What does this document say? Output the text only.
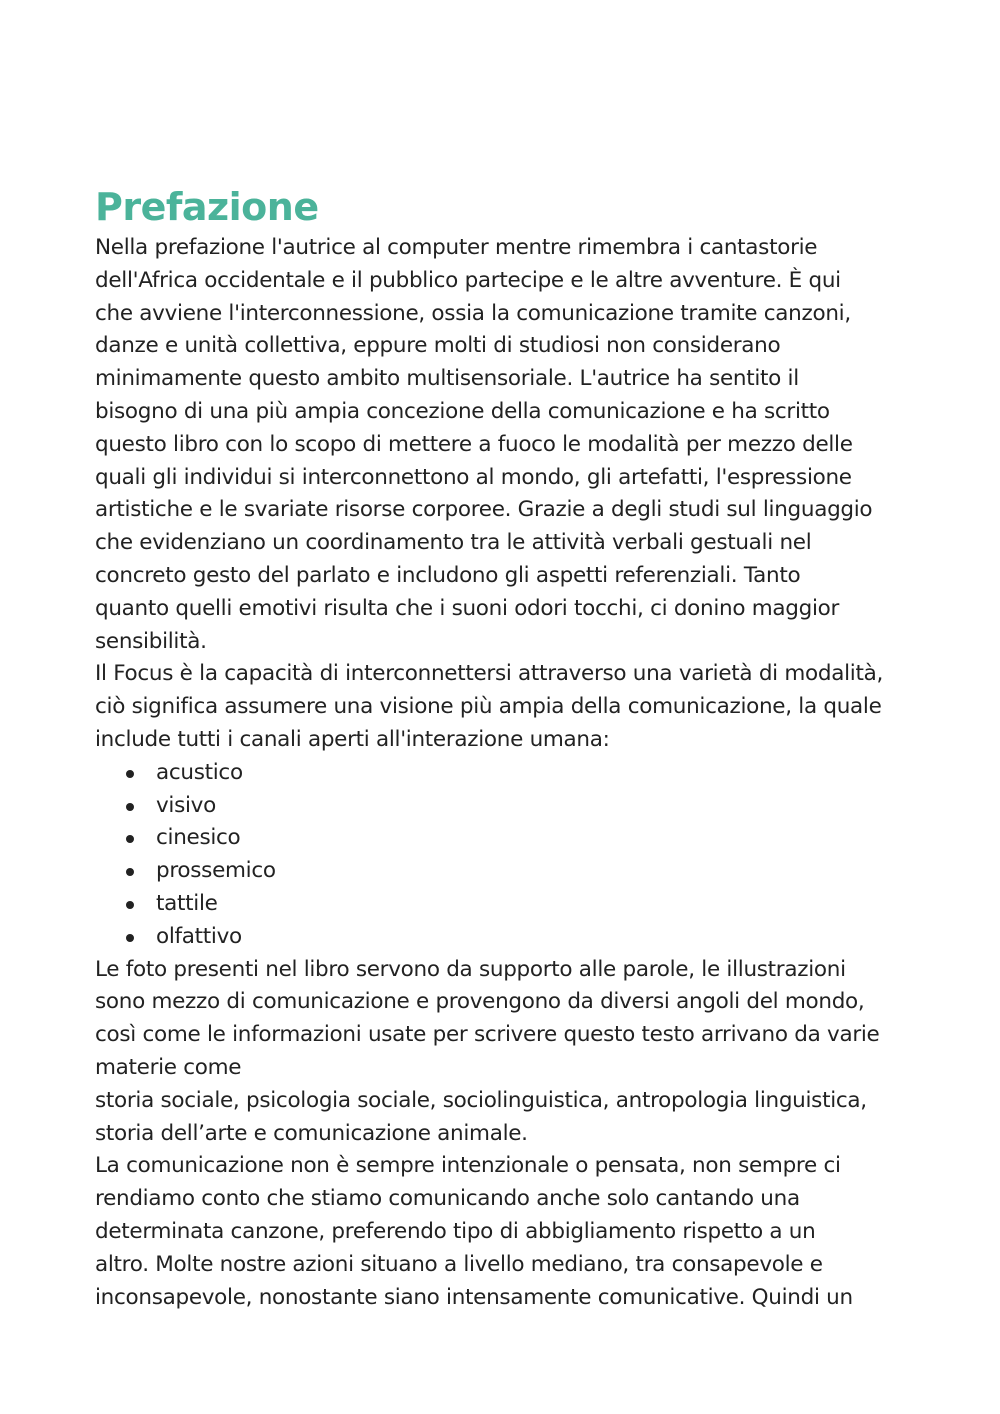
Prefazione

Nella prefazione l'autrice al computer mentre rimembra i cantastorie
dell'Africa occidentale e il pubblico partecipe e le altre avventure. È qui
che avviene l'interconnessione, ossia la comunicazione tramite canzoni,
danze e unità collettiva, eppure molti di studiosi non considerano
minimamente questo ambito multisensoriale. L'autrice ha sentito il
bisogno di una più ampia concezione della comunicazione e ha scritto
questo libro con lo scopo di mettere a fuoco le modalità per mezzo delle
quali gli individui si interconnettono al mondo, gli artefatti, l'espressione
artistiche e le svariate risorse corporee. Grazie a degli studi sul linguaggio
che evidenziano un coordinamento tra le attività verbali gestuali nel
concreto gesto del parlato e includono gli aspetti referenziali. Tanto
quanto quelli emotivi risulta che i suoni odori tocchi, ci donino maggior
sensibilità.

Il Focus è la capacità di interconnettersi attraverso una varietà di modalità,
ciò significa assumere una visione più ampia della comunicazione, la quale
include tutti i canali aperti all'interazione umana:

acustico
visivo
cinesico
prossemico
tattile
olfattivo

Le foto presenti nel libro servono da supporto alle parole, le illustrazioni
sono mezzo di comunicazione e provengono da diversi angoli del mondo,
così come le informazioni usate per scrivere questo testo arrivano da varie
materie come

storia sociale, psicologia sociale, sociolinguistica, antropologia linguistica,
storia dell’arte e comunicazione animale.

La comunicazione non è sempre intenzionale o pensata, non sempre ci
rendiamo conto che stiamo comunicando anche solo cantando una
determinata canzone, preferendo tipo di abbigliamento rispetto a un
altro. Molte nostre azioni situano a livello mediano, tra consapevole e
inconsapevole, nonostante siano intensamente comunicative. Quindi un
